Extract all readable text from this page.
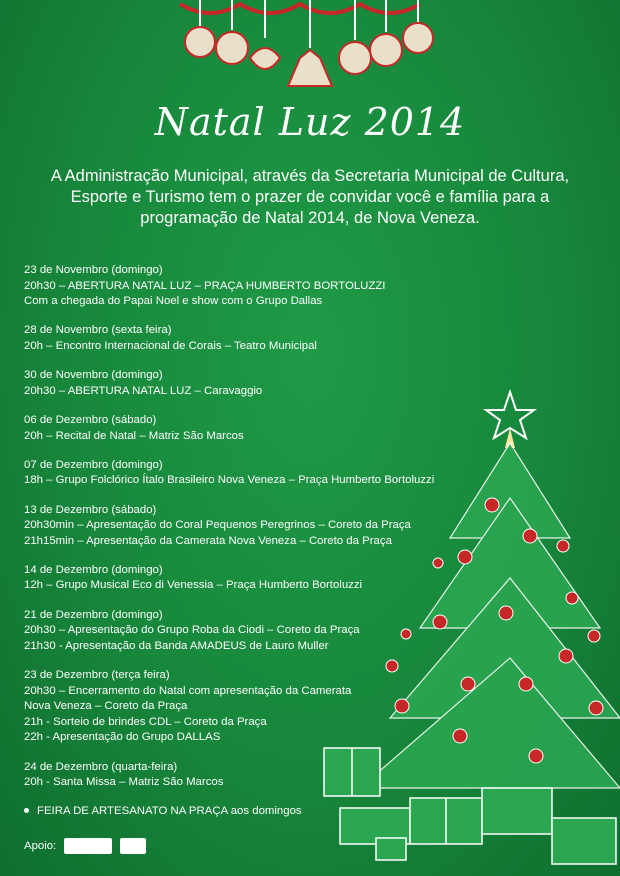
Natal Luz 2014
A Administração Municipal, através da Secretaria Municipal de Cultura, Esporte e Turismo tem o prazer de convidar você e família para a programação de Natal 2014, de Nova Veneza.
23 de Novembro (domingo)
20h30 – ABERTURA NATAL LUZ – PRAÇA HUMBERTO BORTOLUZZI
Com a chegada do Papai Noel e show com o Grupo Dallas
28 de Novembro (sexta feira)
20h – Encontro Internacional de Corais – Teatro Municipal
30 de Novembro (domingo)
20h30 – ABERTURA NATAL LUZ – Caravaggio
06 de Dezembro (sábado)
20h – Recital de Natal – Matriz São Marcos
07 de Dezembro (domingo)
18h – Grupo Folclórico Ítalo Brasileiro Nova Veneza – Praça Humberto Bortoluzzi
13 de Dezembro (sábado)
20h30min – Apresentação do Coral Pequenos Peregrinos – Coreto da Praça
21h15min – Apresentação da Camerata Nova Veneza – Coreto da Praça
14 de Dezembro (domingo)
12h – Grupo Musical Eco di Venessia – Praça Humberto Bortoluzzi
21 de Dezembro (domingo)
20h30 – Apresentação do Grupo Roba da Ciodi – Coreto da Praça
21h30 - Apresentação da Banda AMADEUS de Lauro Muller
23 de Dezembro (terça feira)
20h30 – Encerramento do Natal com apresentação da Camerata
Nova Veneza – Coreto da Praça
21h - Sorteio de brindes CDL – Coreto da Praça
22h - Apresentação do Grupo DALLAS
24 de Dezembro (quarta-feira)
20h - Santa Missa – Matriz São Marcos
FEIRA DE ARTESANATO NA PRAÇA aos domingos
Apoio:
